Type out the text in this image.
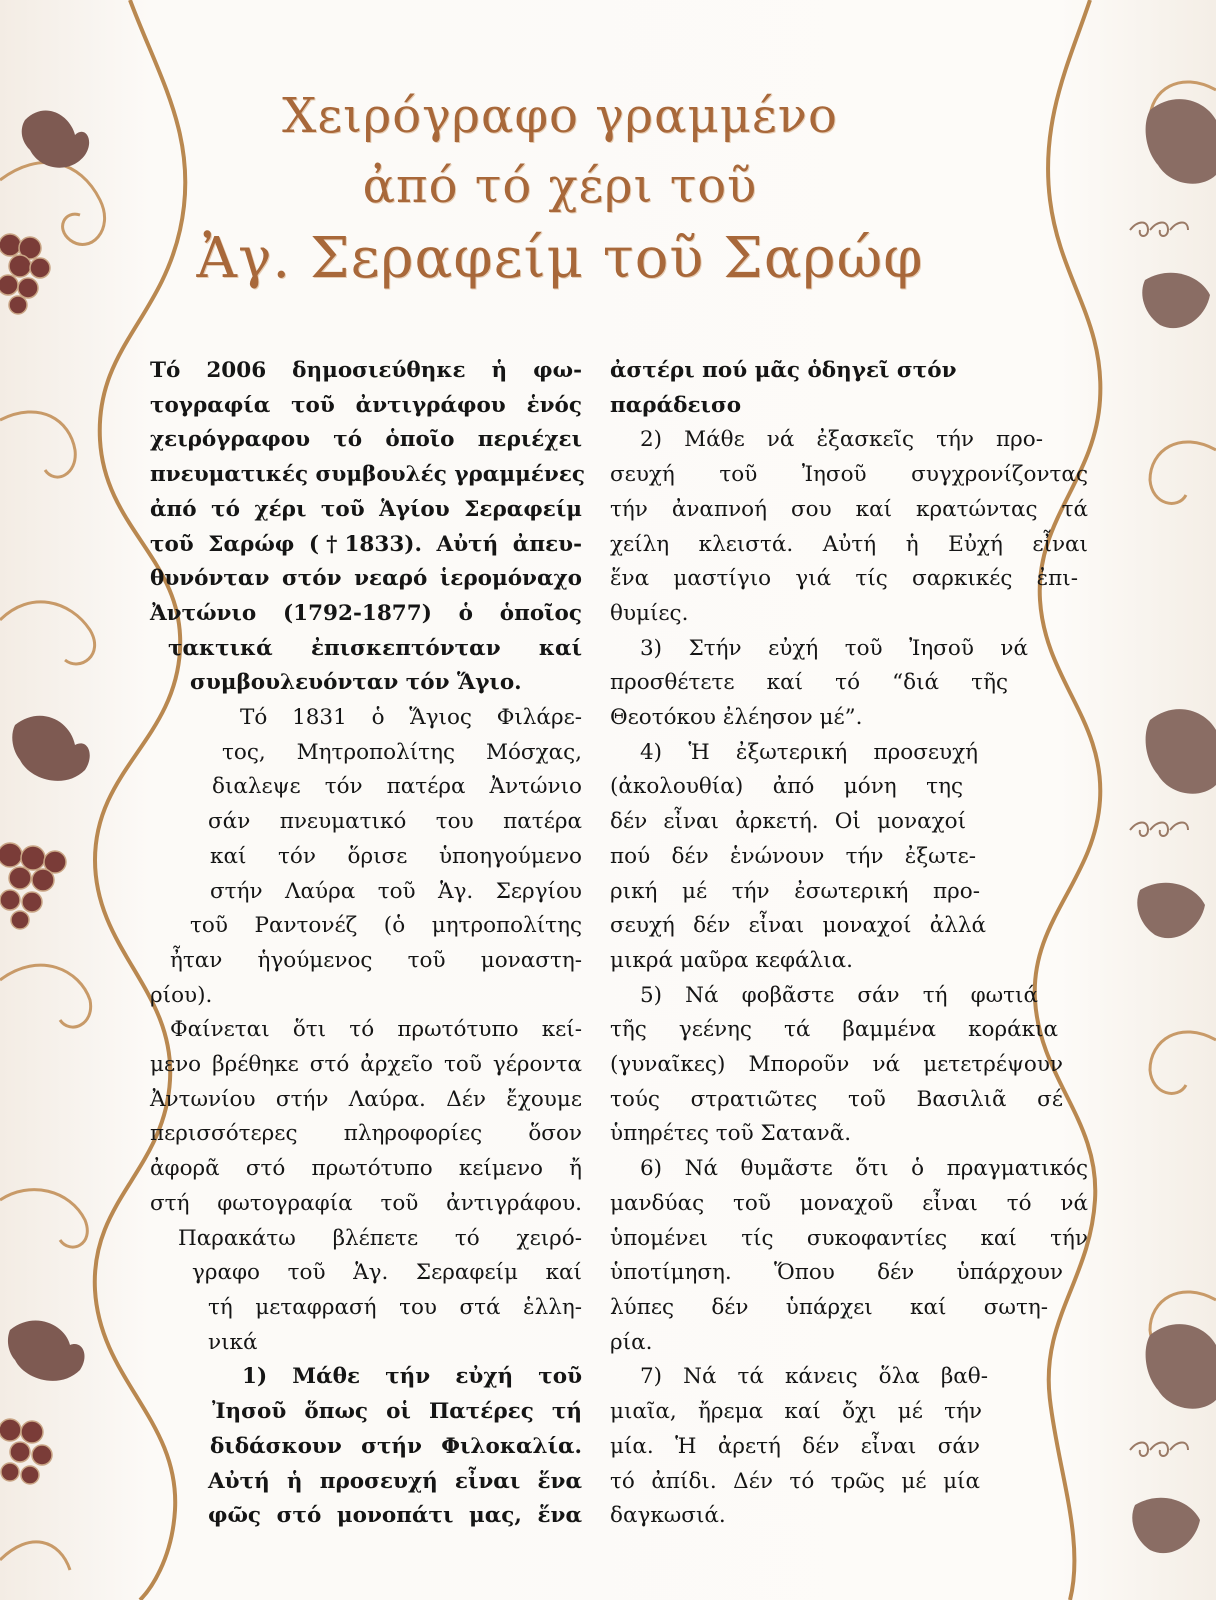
Χειρόγραφο γραμμένο
ἀπό τό χέρι τοῦ
Ἀγ. Σεραφείμ τοῦ Σαρώφ

Τό 2006 δημοσιεύθηκε ἡ φω-

τογραφία τοῦ ἀντιγράφου ἑνός

χειρόγραφου τό ὁποῖο περιέχει

πνευματικές συμβουλές γραμμένες

ἀπό τό χέρι τοῦ Ἁγίου Σεραφείμ

τοῦ Σαρώφ (†1833). Αὐτή ἀπευ-

θυνόνταν στόν νεαρό ἱερομόναχο

Ἀντώνιο (1792-1877) ὁ ὁποῖος

τακτικά ἐπισκεπτόνταν καί

συμβουλευόνταν τόν Ἅγιο.

Τό 1831 ὁ Ἅγιος Φιλάρε-

τος, Μητροπολίτης Μόσχας,

διαλεψε τόν πατέρα Ἀντώνιο

σάν πνευματικό του πατέρα

καί τόν ὅρισε ὑποηγούμενο

στήν Λαύρα τοῦ Ἁγ. Σεργίου

τοῦ Ραντονέζ (ὁ μητροπολίτης

ἦταν ἡγούμενος τοῦ μοναστη-

ρίου).

Φαίνεται ὅτι τό πρωτότυπο κεί-

μενο βρέθηκε στό ἀρχεῖο τοῦ γέροντα

Ἀντωνίου στήν Λαύρα. Δέν ἔχουμε

περισσότερες πληροφορίες ὅσον

ἀφορᾶ στό πρωτότυπο κείμενο ἤ

στή φωτογραφία τοῦ ἀντιγράφου.

Παρακάτω βλέπετε τό χειρό-

γραφο τοῦ Ἁγ. Σεραφείμ καί

τή μεταφρασή του στά ἑλλη-

νικά

1) Μάθε τήν εὐχή τοῦ

Ἰησοῦ ὅπως οἱ Πατέρες τή

διδάσκουν στήν Φιλοκαλία.

Αὐτή ἡ προσευχή εἶναι ἕνα

φῶς στό μονοπάτι μας, ἕνα

ἀστέρι πού μᾶς ὁδηγεῖ στόν

παράδεισο

2) Μάθε νά ἐξασκεῖς τήν προ-

σευχή τοῦ Ἰησοῦ συγχρονίζοντας

τήν ἀναπνοή σου καί κρατώντας τά

χείλη κλειστά. Αὐτή ἡ Εὐχή εἶναι

ἕνα μαστίγιο γιά τίς σαρκικές ἐπι-

θυμίες.

3) Στήν εὐχή τοῦ Ἰησοῦ νά

προσθέτετε καί τό “διά τῆς

Θεοτόκου ἐλέησον μέ”.

4) Ἡ ἐξωτερική προσευχή

(ἀκολουθία) ἀπό μόνη της

δέν εἶναι ἀρκετή. Οἱ μοναχοί

πού δέν ἑνώνουν τήν ἐξωτε-

ρική μέ τήν ἐσωτερική προ-

σευχή δέν εἶναι μοναχοί ἀλλά

μικρά μαῦρα κεφάλια.

5) Νά φοβᾶστε σάν τή φωτιά

τῆς γεένης τά βαμμένα κοράκια

(γυναῖκες) Μποροῦν νά μετετρέψουν

τούς στρατιῶτες τοῦ Βασιλιᾶ σέ

ὑπηρέτες τοῦ Σατανᾶ.

6) Νά θυμᾶστε ὅτι ὁ πραγματικός

μανδύας τοῦ μοναχοῦ εἶναι τό νά

ὑπομένει τίς συκοφαντίες καί τήν

ὑποτίμηση. Ὅπου δέν ὑπάρχουν

λύπες δέν ὑπάρχει καί σωτη-

ρία.

7) Νά τά κάνεις ὅλα βαθ-

μιαῖα, ἤρεμα καί ὄχι μέ τήν

μία. Ἡ ἀρετή δέν εἶναι σάν

τό ἀπίδι. Δέν τό τρῶς μέ μία

δαγκωσιά.
